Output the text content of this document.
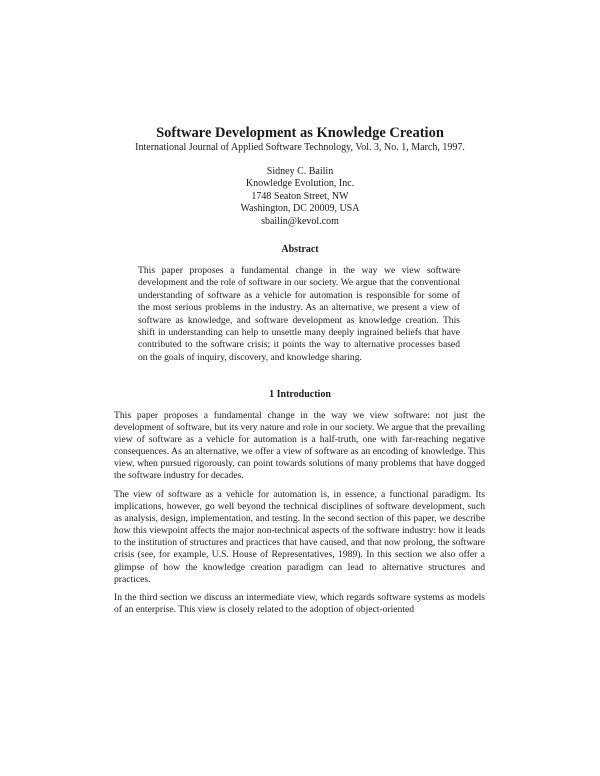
Software Development as Knowledge Creation
International Journal of Applied Software Technology, Vol. 3, No. 1, March, 1997.
Sidney C. Bailin
Knowledge Evolution, Inc.
1748 Seaton Street, NW
Washington, DC 20009, USA
sbailin@kevol.com
Abstract

This paper proposes a fundamental change in the way we view software development and the role of software in our society. We argue that the conventional understanding of software as a vehicle for automation is responsible for some of the most serious problems in the industry. As an alternative, we present a view of software as knowledge, and software development as knowledge creation. This shift in understanding can help to unsettle many deeply ingrained beliefs that have contributed to the software crisis; it points the way to alternative processes based on the goals of inquiry, discovery, and knowledge sharing.

1 Introduction

This paper proposes a fundamental change in the way we view software: not just the development of software, but its very nature and role in our society. We argue that the prevailing view of software as a vehicle for automation is a half-truth, one with far-reaching negative consequences. As an alternative, we offer a view of software as an encoding of knowledge. This view, when pursued rigorously, can point towards solutions of many problems that have dogged the software industry for decades.

The view of software as a vehicle for automation is, in essence, a functional paradigm. Its implications, however, go well beyond the technical disciplines of software development, such as analysis, design, implementation, and testing. In the second section of this paper, we describe how this viewpoint affects the major non-technical aspects of the software industry: how it leads to the institution of structures and practices that have caused, and that now prolong, the software crisis (see, for example, U.S. House of Representatives, 1989). In this section we also offer a glimpse of how the knowledge creation paradigm can lead to alternative structures and practices.

In the third section we discuss an intermediate view, which regards software systems as models of an enterprise. This view is closely related to the adoption of object-oriented
